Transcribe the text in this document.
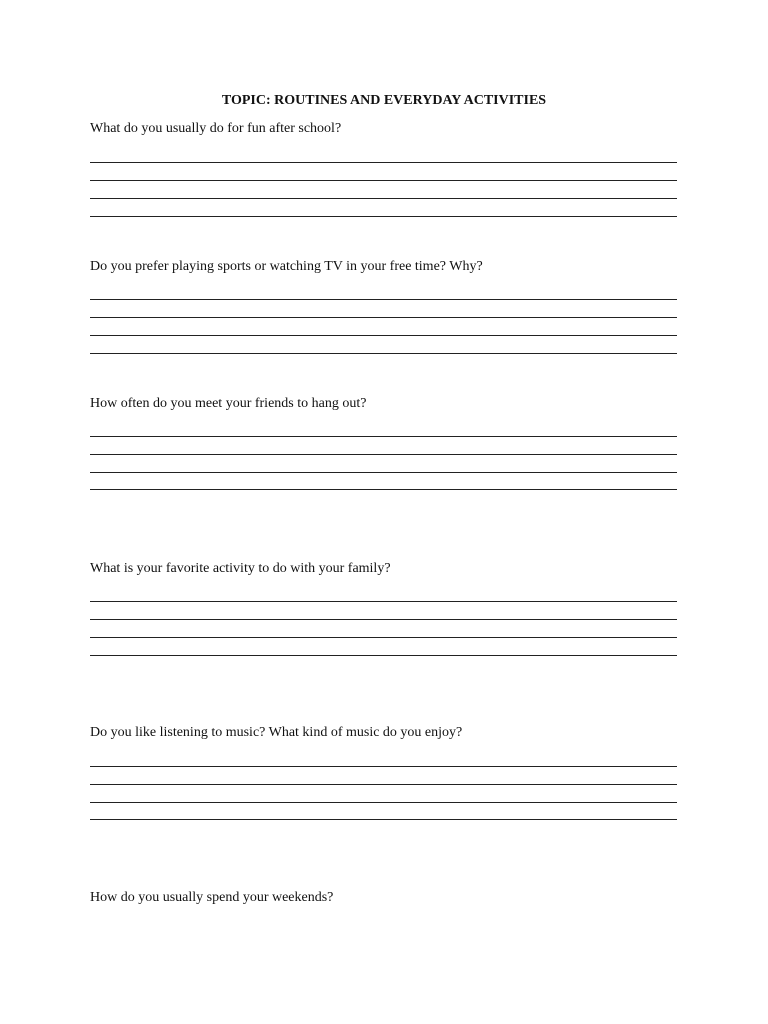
TOPIC: ROUTINES AND EVERYDAY ACTIVITIES
What do you usually do for fun after school?
Do you prefer playing sports or watching TV in your free time? Why?
How often do you meet your friends to hang out?
What is your favorite activity to do with your family?
Do you like listening to music? What kind of music do you enjoy?
How do you usually spend your weekends?
